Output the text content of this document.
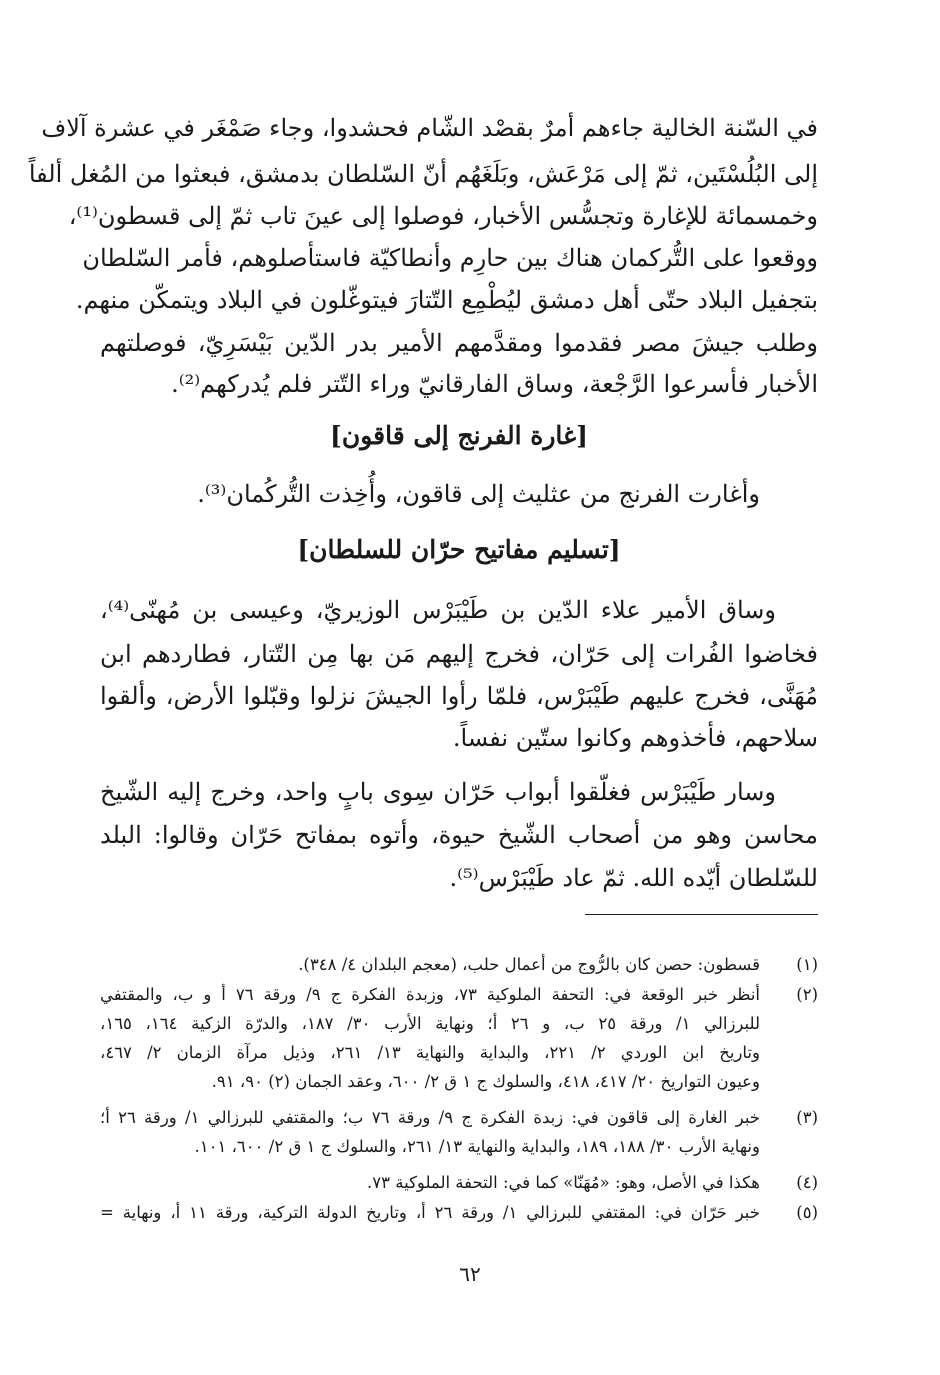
في السّنة الخالية جاءهم أمرٌ بقصْد الشّام فحشدوا، وجاء صَمْغَر في عشرة آلاف
إلى البُلُسْتَين، ثمّ إلى مَرْعَش، وبَلَغَهُم أنّ السّلطان بدمشق، فبعثوا من المُغل ألفاً
وخمسمائة للإغارة وتجسُّس الأخبار، فوصلوا إلى عينَ تاب ثمّ إلى قسطون⁽¹⁾،
ووقعوا على التُّركمان هناك بين حارِم وأنطاكيّة فاستأصلوهم، فأمر السّلطان
بتجفيل البلاد حتّى أهل دمشق ليُطْمِع التّتارَ فيتوغّلون في البلاد ويتمكّن منهم.
وطلب جيشَ مصر فقدموا ومقدَّمهم الأمير بدر الدّين بَيْسَرِيّ، فوصلتهم
الأخبار فأسرعوا الرَّجْعة، وساق الفارقانيّ وراء التّتر فلم يُدركهم⁽²⁾.
[غارة الفرنج إلى قاقون]
وأغارت الفرنج من عثليث إلى قاقون، وأُخِذت التُّركُمان⁽³⁾.
[تسليم مفاتيح حرّان للسلطان]
وساق الأمير علاء الدّين بن طَيْبَرْس الوزيريّ، وعيسى بن مُهنّى⁽⁴⁾،
فخاضوا الفُرات إلى حَرّان، فخرج إليهم مَن بها مِن التّتار، فطاردهم ابن
مُهَنَّى، فخرج عليهم طَيْبَرْس، فلمّا رأوا الجيشَ نزلوا وقبّلوا الأرض، وألقوا
سلاحهم، فأخذوهم وكانوا ستّين نفساً.
وسار طَيْبَرْس فغلّقوا أبواب حَرّان سِوى بابٍ واحد، وخرج إليه الشّيخ
محاسن وهو من أصحاب الشّيخ حيوة، وأتوه بمفاتح حَرّان وقالوا: البلد
للسّلطان أيّده الله. ثمّ عاد طَيْبَرْس⁽⁵⁾.
(١)
قسطون: حصن كان بالرُّوج من أعمال حلب، (معجم البلدان ٤/ ٣٤٨).
(٢)
أنظر خبر الوقعة في: التحفة الملوكية ٧٣، وزبدة الفكرة ج ٩/ ورقة ٧٦ أ و ب، والمقتفي
للبرزالي ١/ ورقة ٢٥ ب، و ٢٦ أ؛ ونهاية الأرب ٣٠/ ١٨٧، والدرّة الزكية ١٦٤، ١٦٥،
وتاريخ ابن الوردي ٢/ ٢٢١، والبداية والنهاية ١٣/ ٢٦١، وذيل مرآة الزمان ٢/ ٤٦٧،
وعيون التواريخ ٢٠/ ٤١٧، ٤١٨، والسلوك ج ١ ق ٢/ ٦٠٠، وعقد الجمان (٢) ٩٠، ٩١.
(٣)
خبر الغارة إلى قاقون في: زبدة الفكرة ج ٩/ ورقة ٧٦ ب؛ والمقتفي للبرزالي ١/ ورقة ٢٦ أ؛
ونهاية الأرب ٣٠/ ١٨٨، ١٨٩، والبداية والنهاية ١٣/ ٢٦١، والسلوك ج ١ ق ٢/ ٦٠٠، ١٠١.
(٤)
هكذا في الأصل، وهو: «مُهَنّا» كما في: التحفة الملوكية ٧٣.
(٥)
خبر حَرّان في: المقتفي للبرزالي ١/ ورقة ٢٦ أ، وتاريخ الدولة التركية، ورقة ١١ أ، ونهاية =
٦٢
